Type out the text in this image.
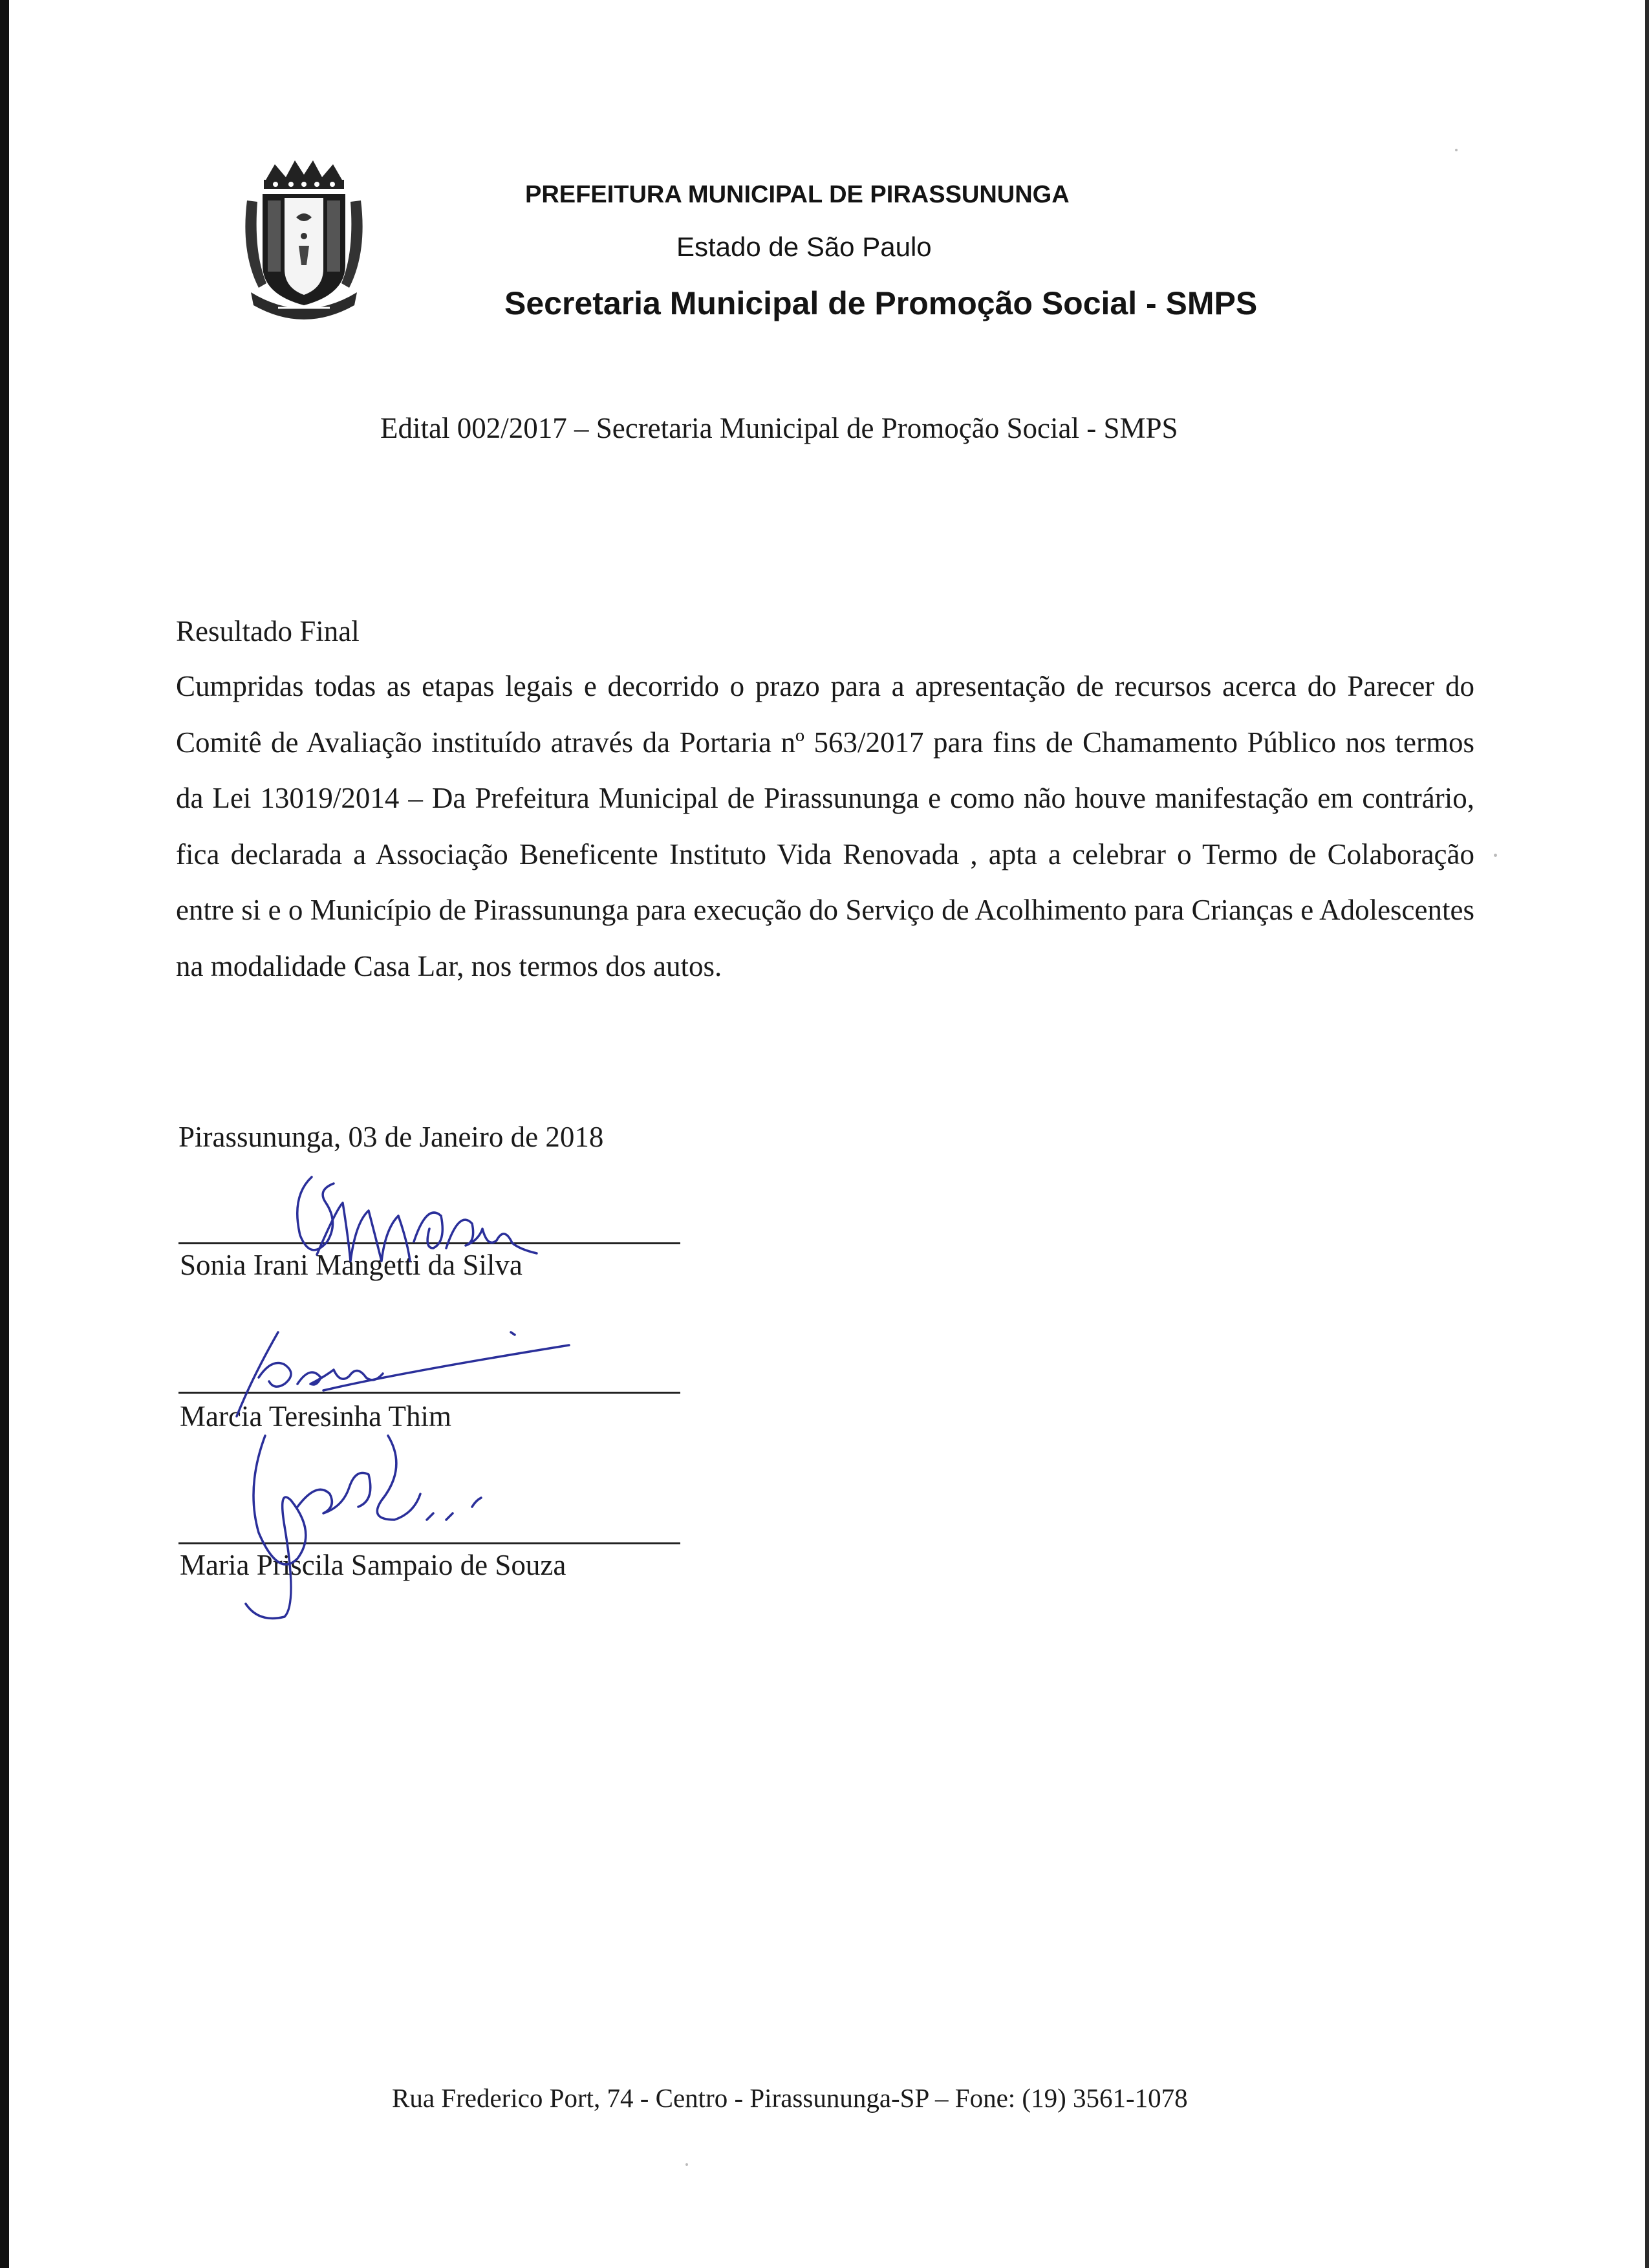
PREFEITURA MUNICIPAL DE PIRASSUNUNGA
Estado de São Paulo
Secretaria Municipal de Promoção Social - SMPS
Edital 002/2017 – Secretaria Municipal de Promoção Social - SMPS
Resultado Final
Cumpridas todas as etapas legais e decorrido o prazo para a apresentação de recursos acerca do Parecer do Comitê de Avaliação instituído através da Portaria nº 563/2017 para fins de Chamamento Público nos termos da Lei 13019/2014 – Da Prefeitura Municipal de Pirassununga e como não houve manifestação em contrário, fica declarada a Associação Beneficente Instituto Vida Renovada , apta a celebrar o Termo de Colaboração entre si e o Município de Pirassununga para execução do Serviço de Acolhimento para Crianças e Adolescentes na modalidade Casa Lar, nos termos dos autos.
Pirassununga, 03 de Janeiro de 2018
Sonia Irani Mangetti da Silva
Marcia Teresinha Thim
Maria Priscila Sampaio de Souza
Rua Frederico Port, 74 - Centro - Pirassununga-SP – Fone: (19) 3561-1078
